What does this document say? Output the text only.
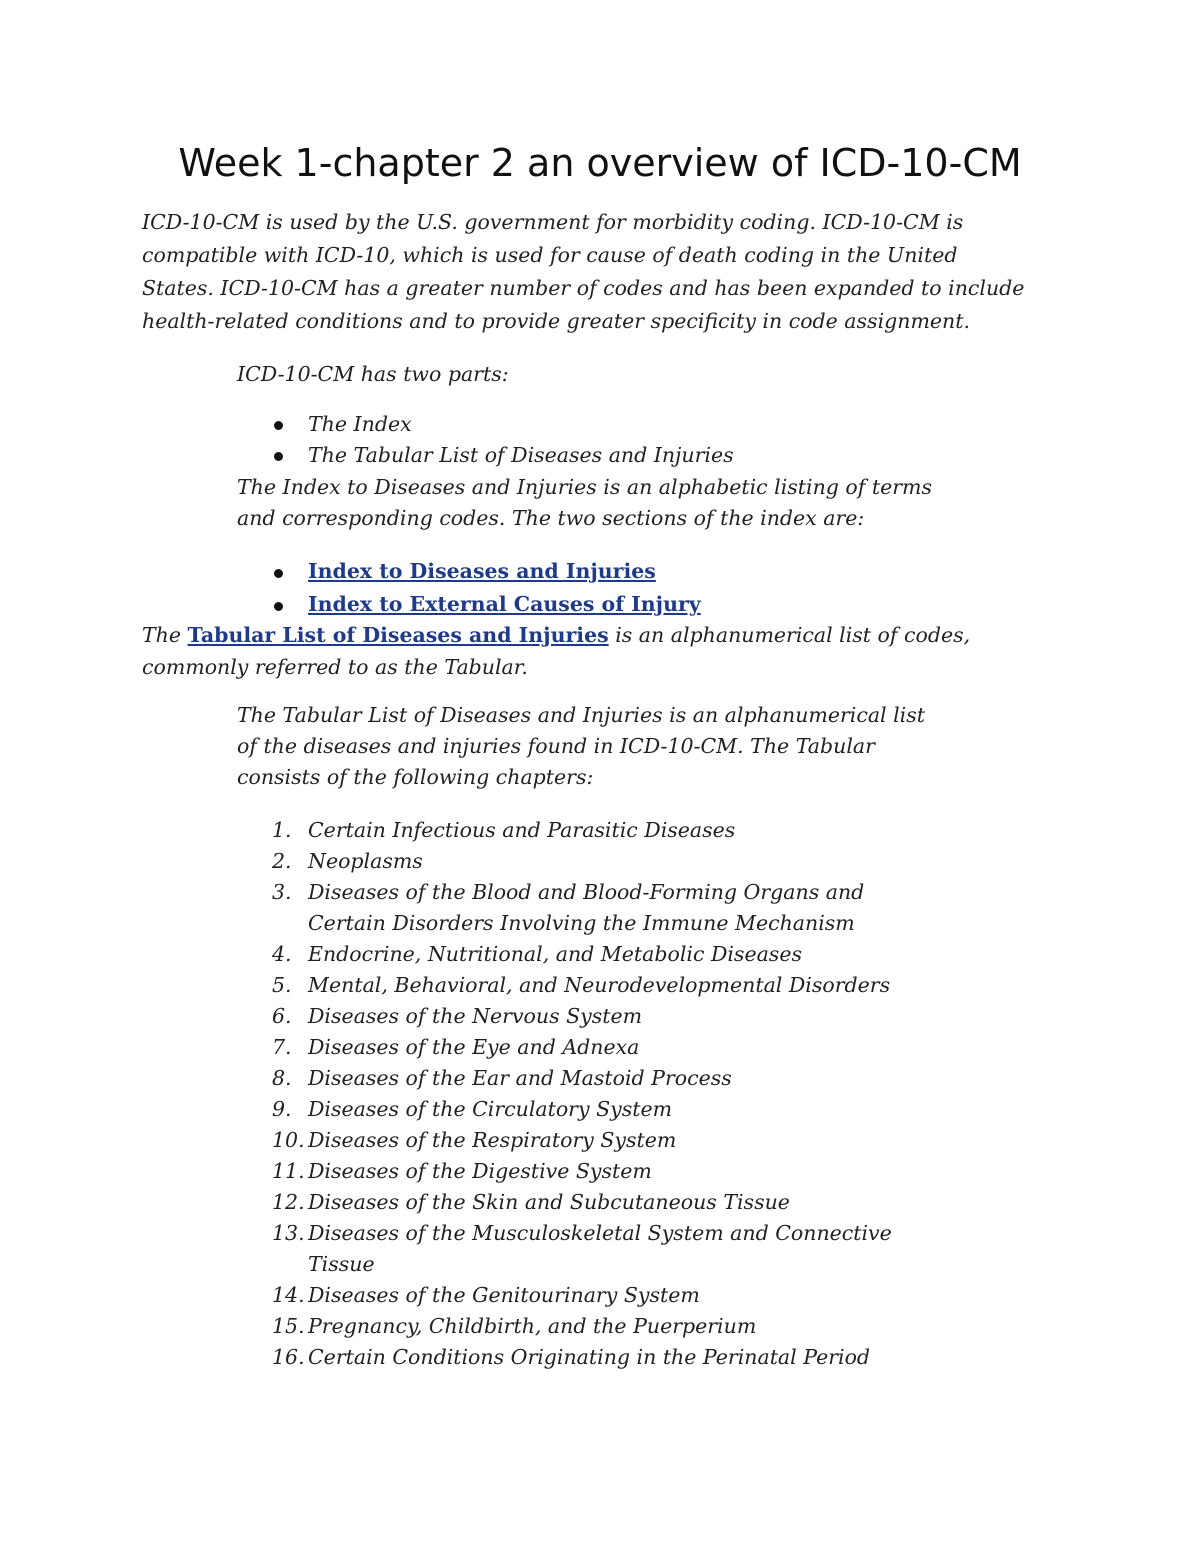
Week 1-chapter 2 an overview of ICD-10-CM

ICD-10-CM is used by the U.S. government for morbidity coding. ICD-10-CM is
compatible with ICD-10, which is used for cause of death coding in the United
States. ICD-10-CM has a greater number of codes and has been expanded to include
health-related conditions and to provide greater specificity in code assignment.

ICD-10-CM has two parts:

The Index
The Tabular List of Diseases and Injuries

The Index to Diseases and Injuries is an alphabetic listing of terms
and corresponding codes. The two sections of the index are:

Index to Diseases and Injuries
Index to External Causes of Injury

The Tabular List of Diseases and Injuries is an alphanumerical list of codes,
commonly referred to as the Tabular.

The Tabular List of Diseases and Injuries is an alphanumerical list
of the diseases and injuries found in ICD-10-CM. The Tabular
consists of the following chapters:

1. Certain Infectious and Parasitic Diseases
2. Neoplasms
3. Diseases of the Blood and Blood-Forming Organs and
Certain Disorders Involving the Immune Mechanism
4. Endocrine, Nutritional, and Metabolic Diseases
5. Mental, Behavioral, and Neurodevelopmental Disorders
6. Diseases of the Nervous System
7. Diseases of the Eye and Adnexa
8. Diseases of the Ear and Mastoid Process
9. Diseases of the Circulatory System
10. Diseases of the Respiratory System
11. Diseases of the Digestive System
12. Diseases of the Skin and Subcutaneous Tissue
13. Diseases of the Musculoskeletal System and Connective
Tissue
14. Diseases of the Genitourinary System
15. Pregnancy, Childbirth, and the Puerperium
16. Certain Conditions Originating in the Perinatal Period
